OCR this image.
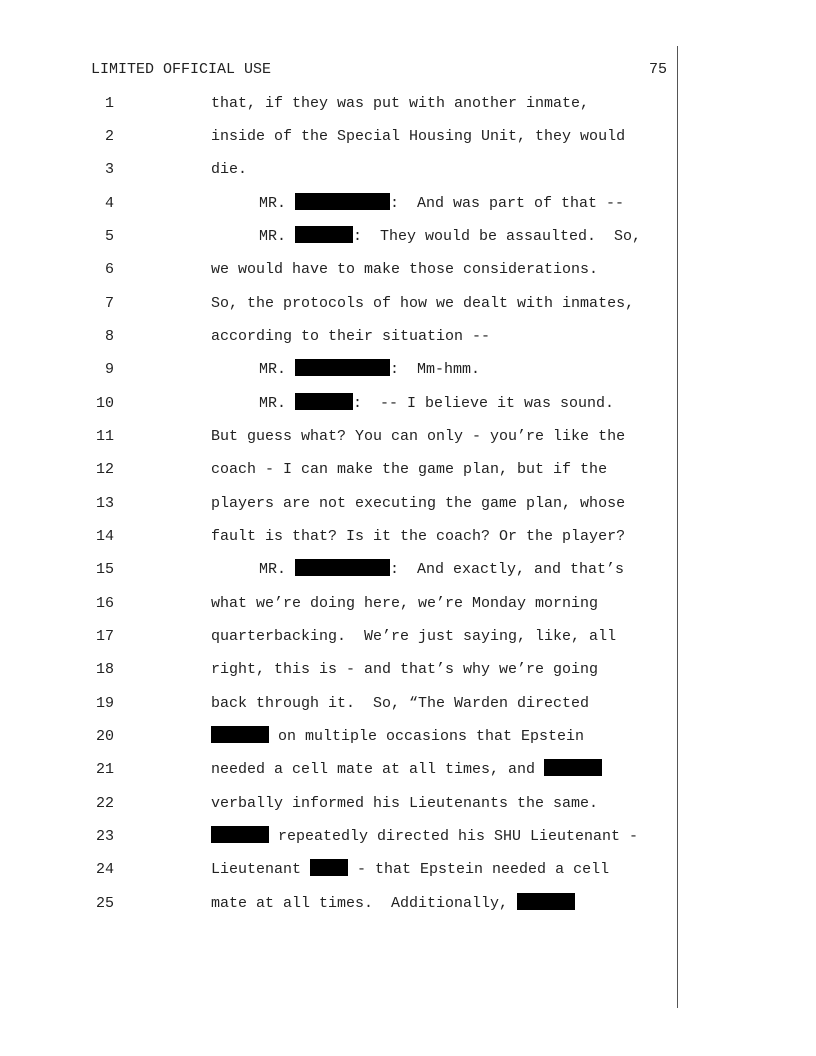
LIMITED OFFICIAL USE	75
1	that, if they was put with another inmate,
2	inside of the Special Housing Unit, they would
3	die.
4	MR.	:  And was part of that --
5	MR.	:  They would be assaulted.  So,
6	we would have to make those considerations.
7	So, the protocols of how we dealt with inmates,
8	according to their situation --
9	MR.	:  Mm-hmm.
10	MR.	:  -- I believe it was sound.
11	But guess what? You can only - you’re like the
12	coach - I can make the game plan, but if the
13	players are not executing the game plan, whose
14	fault is that? Is it the coach? Or the player?
15	MR.	:  And exactly, and that’s
16	what we’re doing here, we’re Monday morning
17	quarterbacking.  We’re just saying, like, all
18	right, this is - and that’s why we’re going
19	back through it.  So, “The Warden directed
20	on multiple occasions that Epstein
21	needed a cell mate at all times, and
22	verbally informed his Lieutenants the same.
23	repeatedly directed his SHU Lieutenant -
24	Lieutenant	- that Epstein needed a cell
25	mate at all times.  Additionally,
